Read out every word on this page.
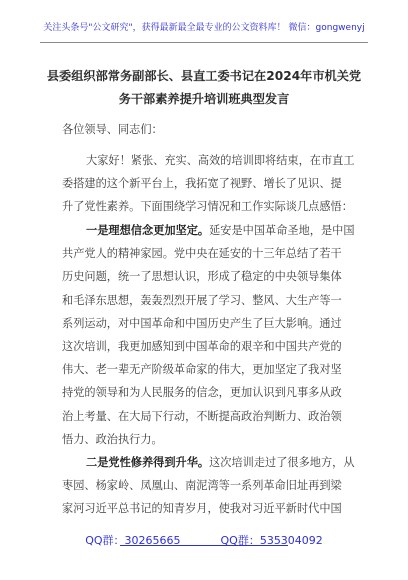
关注头条号"公文研究"，获得最新最全最专业的公文资料库！ 微信：gongwenyj
县委组织部常务副部长、县直工委书记在2024年市机关党
务干部素养提升培训班典型发言
各位领导、同志们：
大家好！紧张、充实、高效的培训即将结束，在市直工
委搭建的这个新平台上，我拓宽了视野、增长了见识、提
升了党性素养。下面围绕学习情况和工作实际谈几点感悟：
一是理想信念更加坚定。延安是中国革命圣地，是中国
共产党人的精神家园。党中央在延安的十三年总结了若干
历史问题，统一了思想认识，形成了稳定的中央领导集体
和毛泽东思想，轰轰烈烈开展了学习、整风、大生产等一
系列运动，对中国革命和中国历史产生了巨大影响。通过
这次培训，我更加感知到中国革命的艰辛和中国共产党的
伟大、老一辈无产阶级革命家的伟大，更加坚定了我对坚
持党的领导和为人民服务的信念，更加认识到凡事多从政
治上考量、在大局下行动，不断提高政治判断力、政治领
悟力、政治执行力。
二是党性修养得到升华。这次培训走过了很多地方，从
枣园、杨家岭、凤凰山、南泥湾等一系列革命旧址再到梁
家河习近平总书记的知青岁月，使我对习近平新时代中国
QQ群：30265665	QQ群：535304092
